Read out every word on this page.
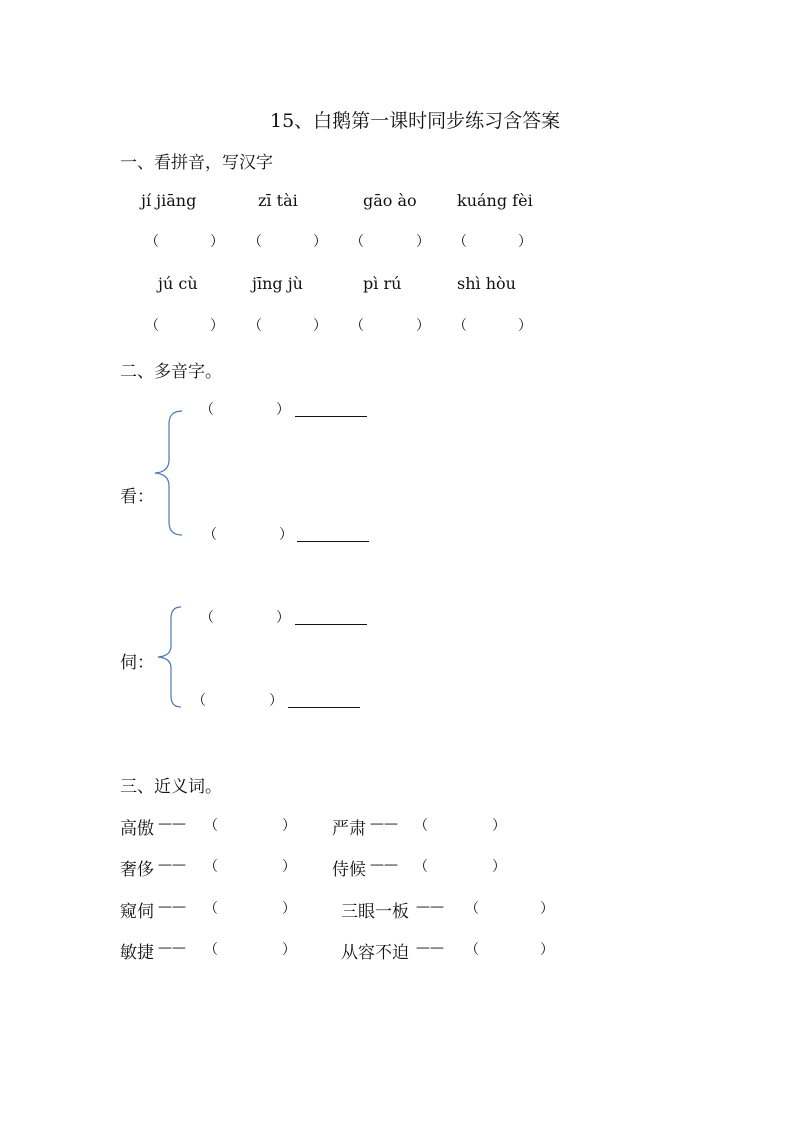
15、白鹅第一课时同步练习含答案
一、看拼音，写汉字
jí jiāng	zī tài	gāo ào	kuáng fèi
（	） （	） （	） （	）
jú cù	jīng jù	pì rú	shì hòu
（	） （	） （	） （	）
二、多音字。
看：
（	）
（	）
伺：
（	）
（	）
三、近义词。
高傲 —— （	） 严肃 —— （	）
奢侈 —— （	） 侍候 —— （	）
窥伺 —— （	）	三眼一板 —— （	）
敏捷 —— （	）	从容不迫 —— （	）
